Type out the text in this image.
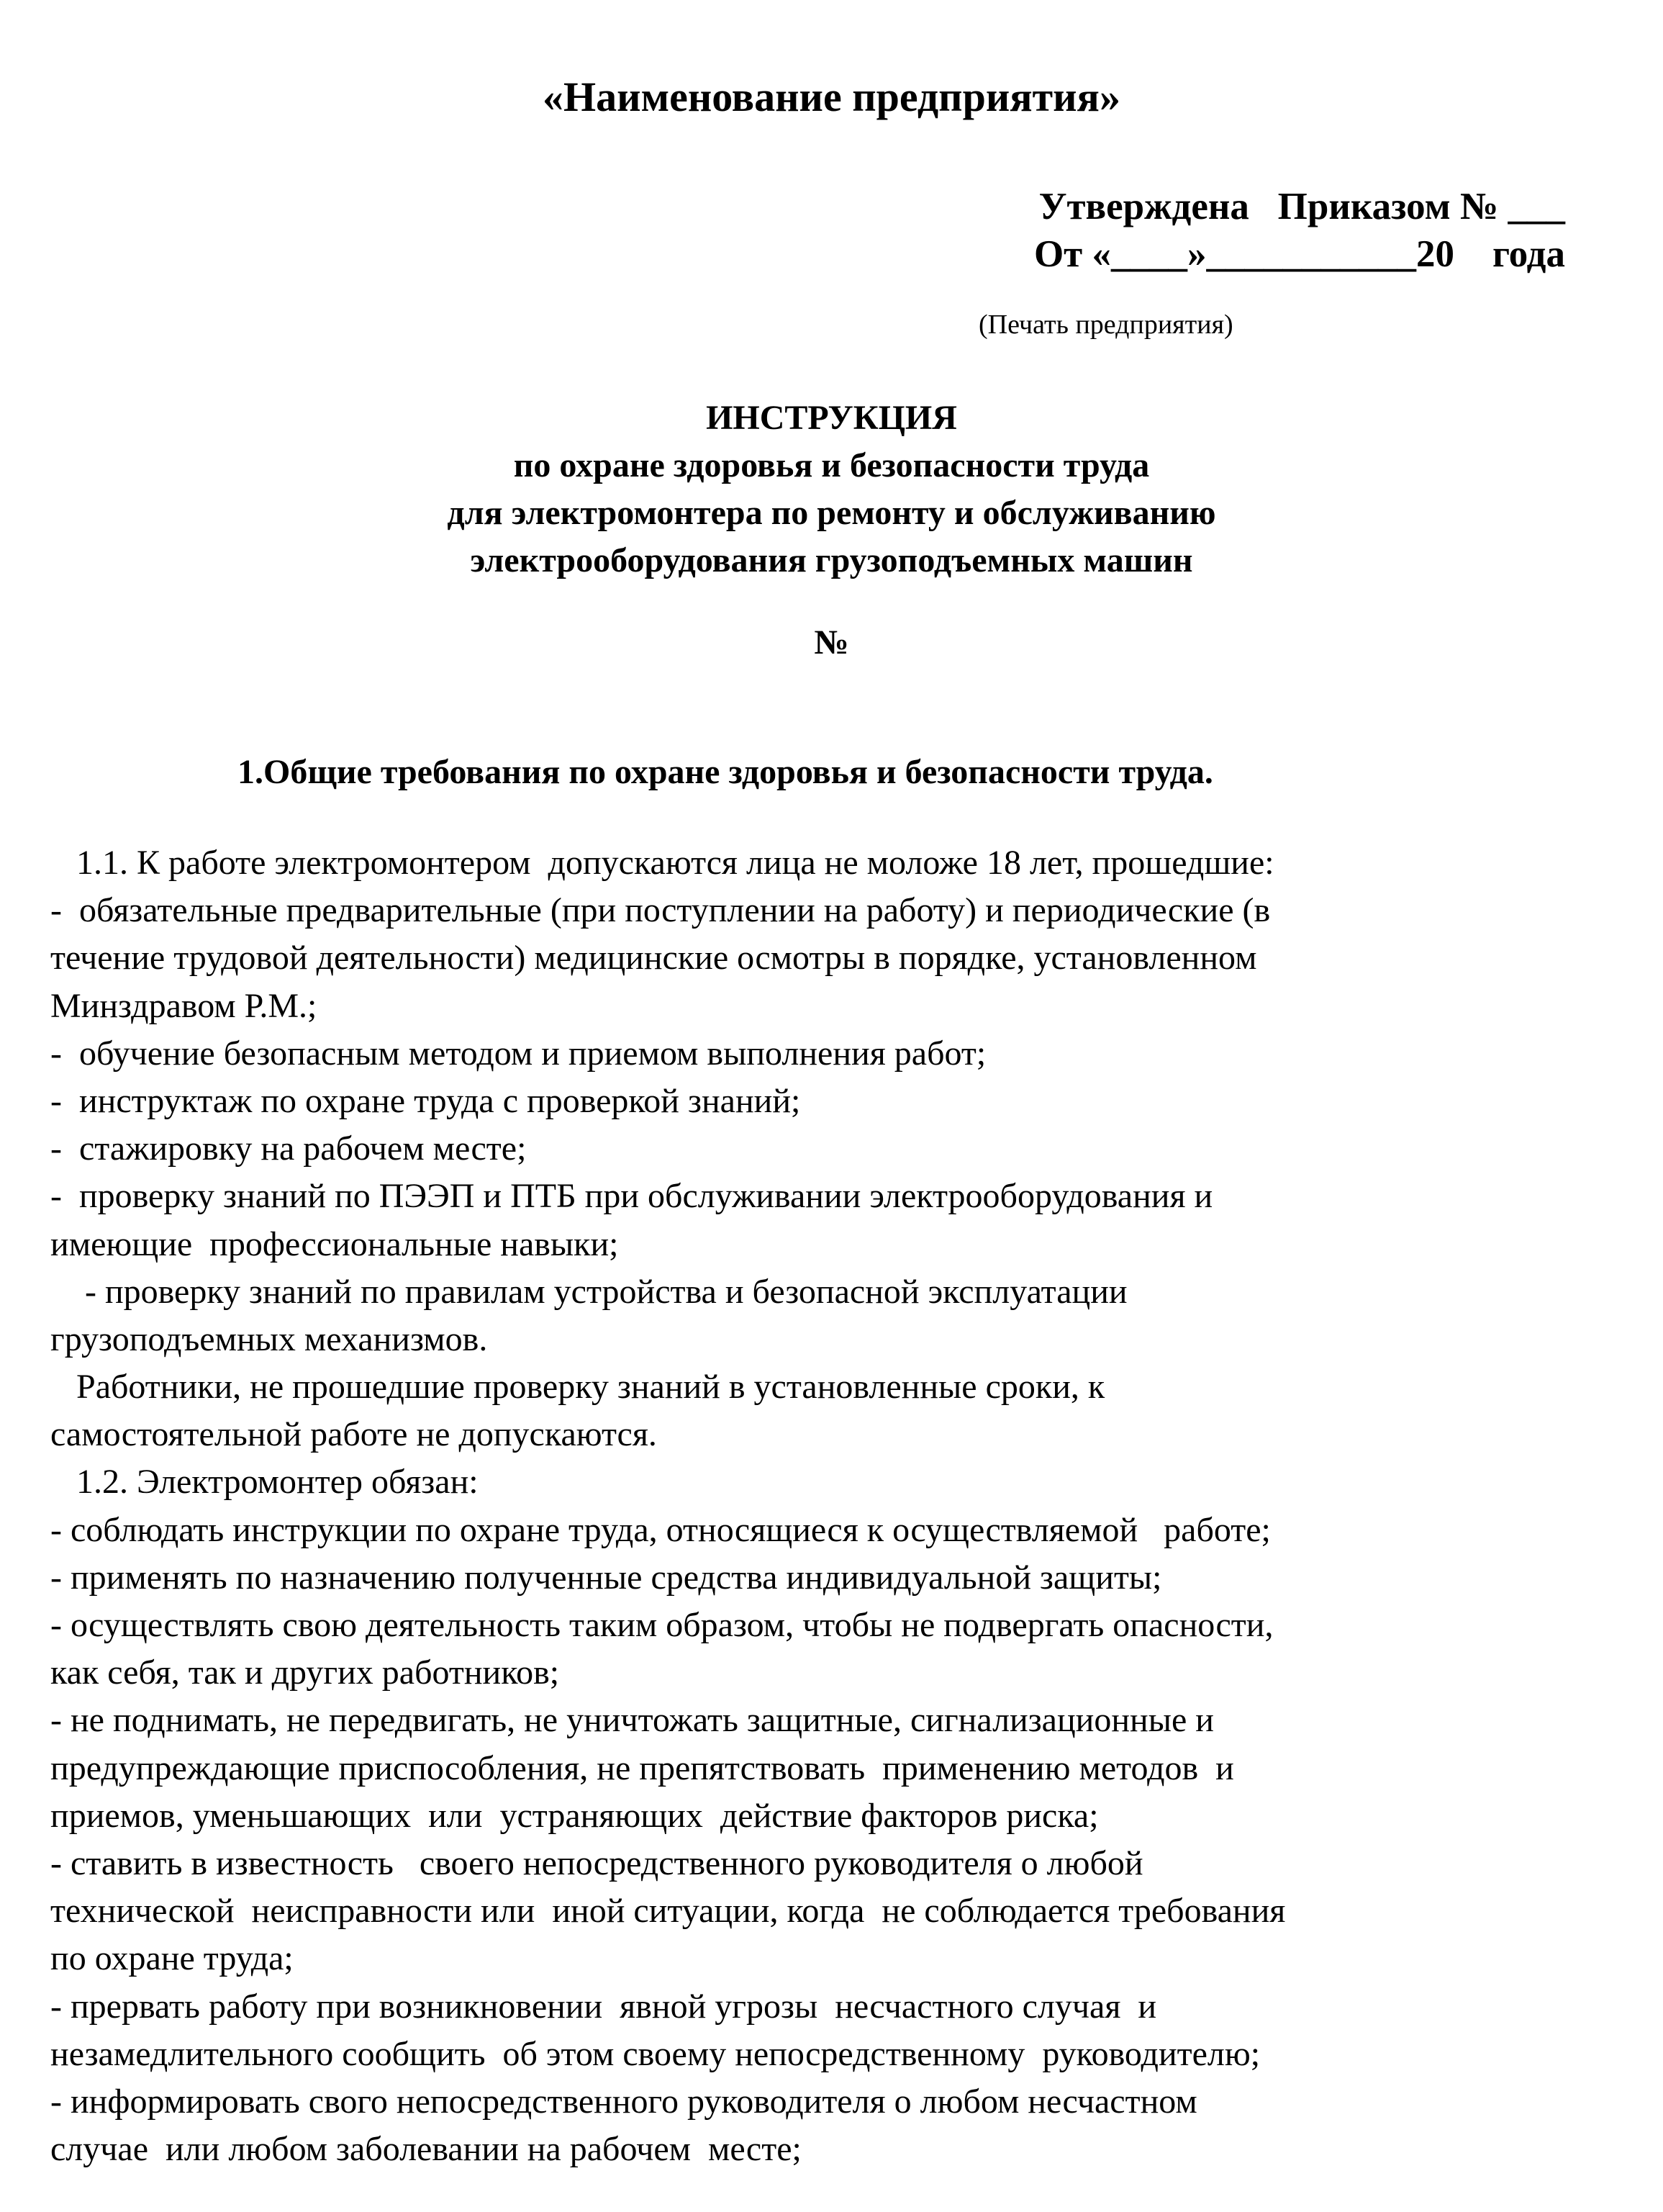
«Наименование предприятия»
Утверждена   Приказом № ___
От «____»___________20    года
(Печать предприятия)
ИНСТРУКЦИЯ
по охране здоровья и безопасности труда
для электромонтера по ремонту и обслуживанию
электрооборудования грузоподъемных машин
№
1.Общие требования по охране здоровья и безопасности труда.
1.1. К работе электромонтером  допускаются лица не моложе 18 лет, прошедшие:
-  обязательные предварительные (при поступлении на работу) и периодические (в
течение трудовой деятельности) медицинские осмотры в порядке, установленном
Минздравом Р.М.;
-  обучение безопасным методом и приемом выполнения работ;
-  инструктаж по охране труда с проверкой знаний;
-  стажировку на рабочем месте;
-  проверку знаний по ПЭЭП и ПТБ при обслуживании электрооборудования и
имеющие  профессиональные навыки;
- проверку знаний по правилам устройства и безопасной эксплуатации
грузоподъемных механизмов.
Работники, не прошедшие проверку знаний в установленные сроки, к
самостоятельной работе не допускаются.
1.2. Электромонтер обязан:
- соблюдать инструкции по охране труда, относящиеся к осуществляемой   работе;
- применять по назначению полученные средства индивидуальной защиты;
- осуществлять свою деятельность таким образом, чтобы не подвергать опасности,
как себя, так и других работников;
- не поднимать, не передвигать, не уничтожать защитные, сигнализационные и
предупреждающие приспособления, не препятствовать  применению методов  и
приемов, уменьшающих  или  устраняющих  действие факторов риска;
- ставить в известность   своего непосредственного руководителя о любой
технической  неисправности или  иной ситуации, когда  не соблюдается требования
по охране труда;
- прервать работу при возникновении  явной угрозы  несчастного случая  и
незамедлительного сообщить  об этом своему непосредственному  руководителю;
- информировать свого непосредственного руководителя о любом несчастном
случае  или любом заболевании на рабочем  месте;
